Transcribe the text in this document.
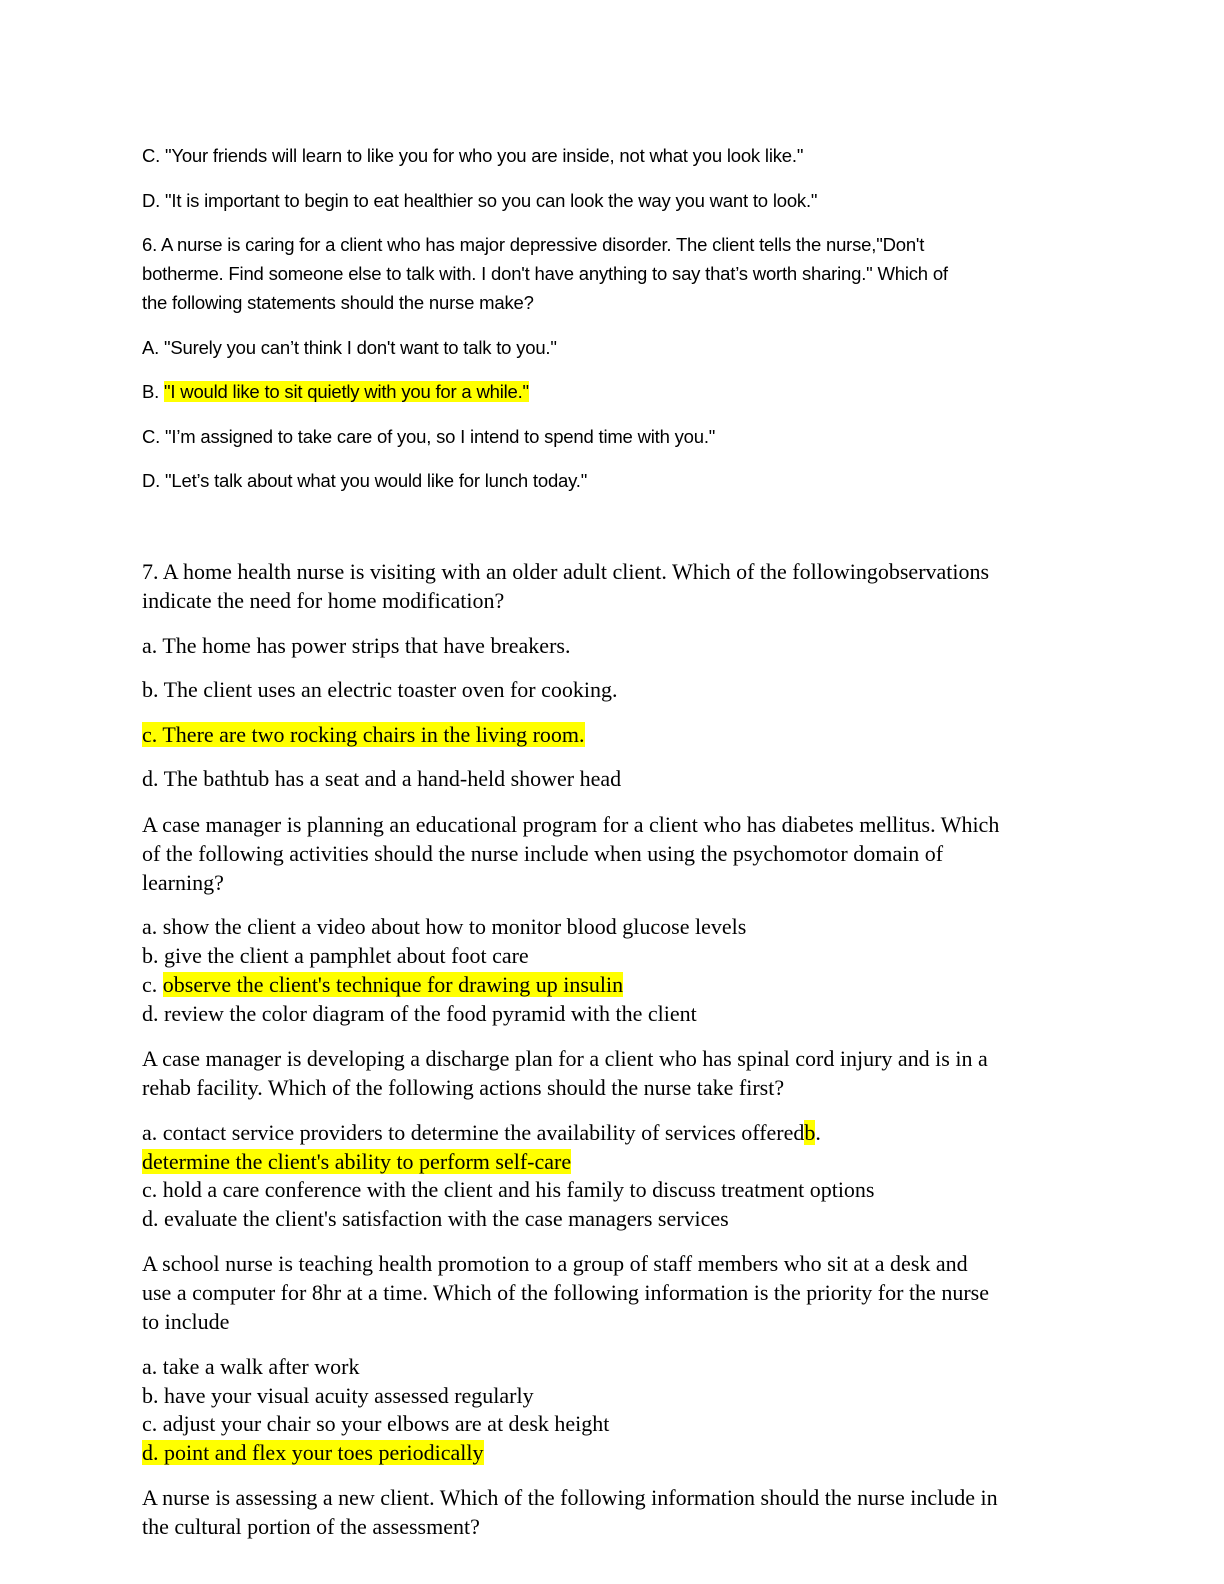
C. "Your friends will learn to like you for who you are inside, not what you look like."

D. "It is important to begin to eat healthier so you can look the way you want to look."

6. A nurse is caring for a client who has major depressive disorder. The client tells the nurse,"Don't

botherme. Find someone else to talk with. I don't have anything to say that’s worth sharing." Which of

the following statements should the nurse make?

A. "Surely you can’t think I don't want to talk to you."

B. "I would like to sit quietly with you for a while."

C. "I’m assigned to take care of you, so I intend to spend time with you."

D. "Let’s talk about what you would like for lunch today."

7. A home health nurse is visiting with an older adult client. Which of the followingobservations

indicate the need for home modification?

a. The home has power strips that have breakers.

b. The client uses an electric toaster oven for cooking.

c. There are two rocking chairs in the living room.

d. The bathtub has a seat and a hand-held shower head

A case manager is planning an educational program for a client who has diabetes mellitus. Which

of the following activities should the nurse include when using the psychomotor domain of

learning?

a. show the client a video about how to monitor blood glucose levels

b. give the client a pamphlet about foot care

c. observe the client's technique for drawing up insulin

d. review the color diagram of the food pyramid with the client

A case manager is developing a discharge plan for a client who has spinal cord injury and is in a

rehab facility. Which of the following actions should the nurse take first?

a. contact service providers to determine the availability of services offeredb.

determine the client's ability to perform self-care

c. hold a care conference with the client and his family to discuss treatment options

d. evaluate the client's satisfaction with the case managers services

A school nurse is teaching health promotion to a group of staff members who sit at a desk and

use a computer for 8hr at a time. Which of the following information is the priority for the nurse

to include

a. take a walk after work

b. have your visual acuity assessed regularly

c. adjust your chair so your elbows are at desk height

d. point and flex your toes periodically

A nurse is assessing a new client. Which of the following information should the nurse include in

the cultural portion of the assessment?
